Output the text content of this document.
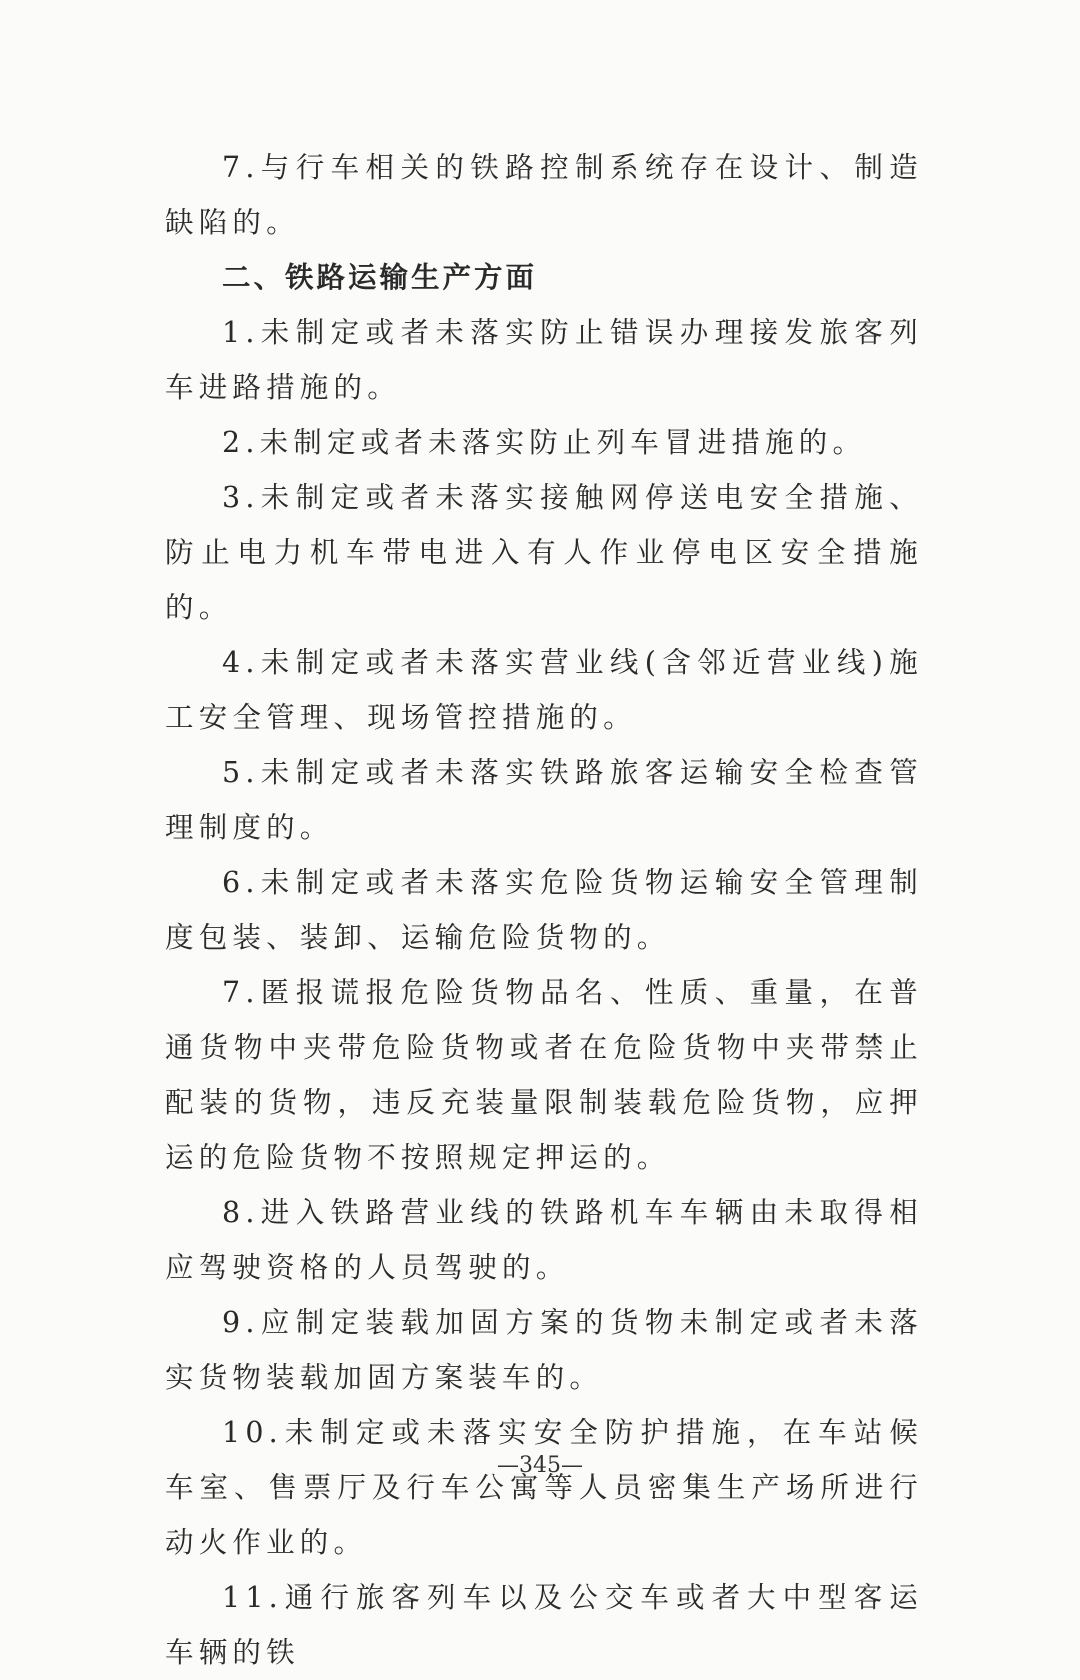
7.与行车相关的铁路控制系统存在设计、制造缺陷的。

二、铁路运输生产方面

1.未制定或者未落实防止错误办理接发旅客列车进路措施的。

2.未制定或者未落实防止列车冒进措施的。

3.未制定或者未落实接触网停送电安全措施、防止电力机车带电进入有人作业停电区安全措施的。

4.未制定或者未落实营业线(含邻近营业线)施工安全管理、现场管控措施的。

5.未制定或者未落实铁路旅客运输安全检查管理制度的。

6.未制定或者未落实危险货物运输安全管理制度包装、装卸、运输危险货物的。

7.匿报谎报危险货物品名、性质、重量，在普通货物中夹带危险货物或者在危险货物中夹带禁止配装的货物，违反充装量限制装载危险货物，应押运的危险货物不按照规定押运的。

8.进入铁路营业线的铁路机车车辆由未取得相应驾驶资格的人员驾驶的。

9.应制定装载加固方案的货物未制定或者未落实货物装载加固方案装车的。

10.未制定或未落实安全防护措施，在车站候车室、售票厅及行车公寓等人员密集生产场所进行动火作业的。

11.通行旅客列车以及公交车或者大中型客运车辆的铁

—345—
